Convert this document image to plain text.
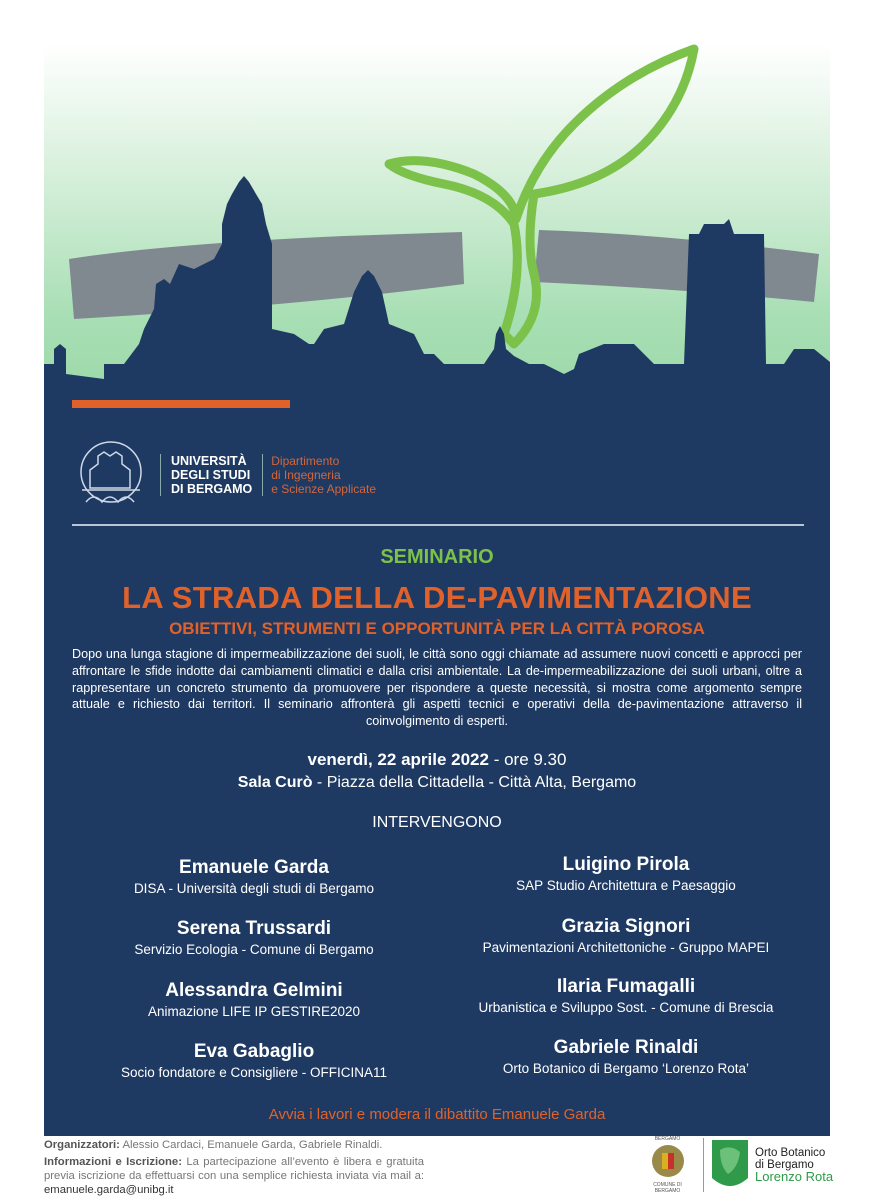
UNIVERSITÀ
DEGLI STUDI
DI BERGAMO
Dipartimento
di Ingegneria
e Scienze Applicate
SEMINARIO
LA STRADA DELLA DE-PAVIMENTAZIONE
OBIETTIVI, STRUMENTI E OPPORTUNITÀ PER LA CITTÀ POROSA
Dopo una lunga stagione di impermeabilizzazione dei suoli, le città sono oggi chiamate ad assumere nuovi concetti e approcci per affrontare le sfide indotte dai cambiamenti climatici e dalla crisi ambientale. La de-impermeabilizzazione dei suoli urbani, oltre a rappresentare un concreto strumento da promuovere per rispondere a queste necessità, si mostra come argomento sempre attuale e richiesto dai territori. Il seminario affronterà gli aspetti tecnici e operativi della de-pavimentazione attraverso il coinvolgimento di esperti.
venerdì, 22 aprile 2022 - ore 9.30
Sala Curò - Piazza della Cittadella - Città Alta, Bergamo
INTERVENGONO
Emanuele Garda
DISA - Università degli studi di Bergamo
Luigino Pirola
SAP Studio Architettura e Paesaggio
Serena Trussardi
Servizio Ecologia - Comune di Bergamo
Grazia Signori
Pavimentazioni Architettoniche - Gruppo MAPEI
Alessandra Gelmini
Animazione LIFE IP GESTIRE2020
Ilaria Fumagalli
Urbanistica e Sviluppo Sost. - Comune di Brescia
Eva Gabaglio
Socio fondatore e Consigliere - OFFICINA11
Gabriele Rinaldi
Orto Botanico di Bergamo ‘Lorenzo Rota’
Avvia i lavori e modera il dibattito Emanuele Garda
Organizzatori: Alessio Cardaci, Emanuele Garda, Gabriele Rinaldi.
Informazioni e Iscrizione: La partecipazione all’evento è libera e gratuita previa iscrizione da effettuarsi con una semplice richiesta inviata via mail a: emanuele.garda@unibg.it
BERGAMO
COMUNE DI BERGAMO
Orto Botanico
di Bergamo
Lorenzo Rota
